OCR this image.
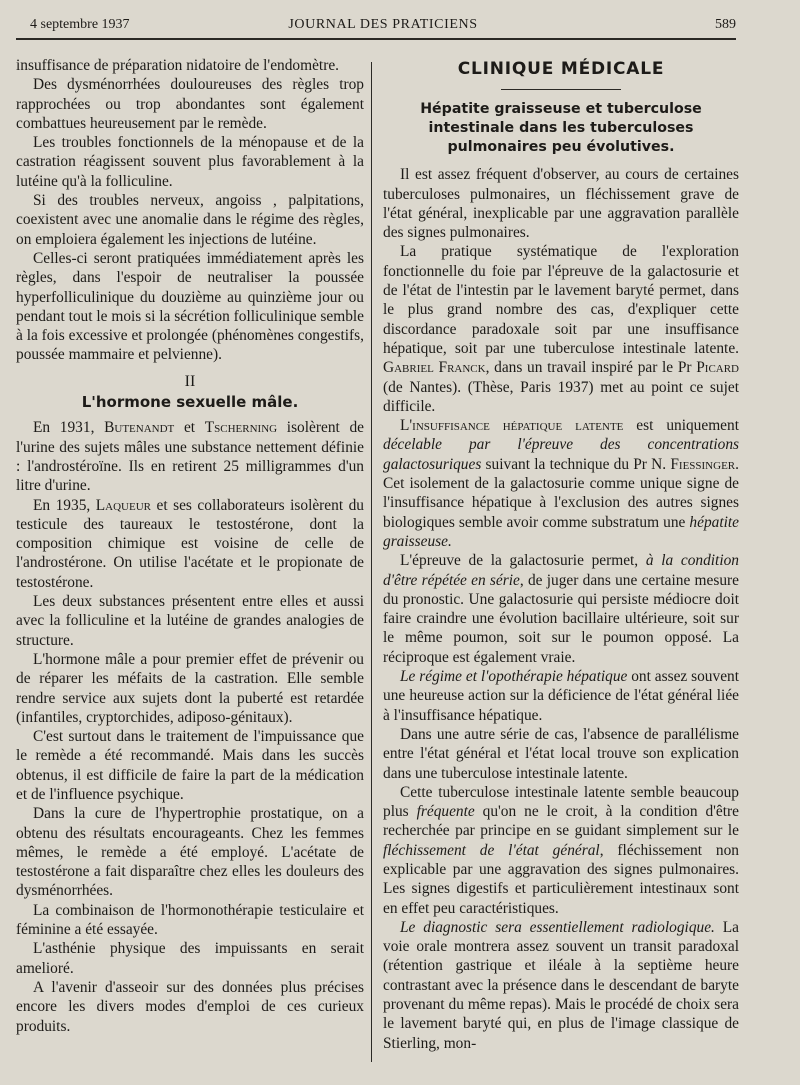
4 septembre 1937	JOURNAL DES PRATICIENS	589

insuffisance de préparation nidatoire de l'endomètre.

Des dysménorrhées douloureuses des règles trop rapprochées ou trop abondantes sont également combattues heureusement par le remède.

Les troubles fonctionnels de la ménopause et de la castration réagissent souvent plus favorablement à la lutéine qu'à la folliculine.

Si des troubles nerveux, angoiss , palpitations, coexistent avec une anomalie dans le régime des règles, on emploiera également les injections de lutéine.

Celles-ci seront pratiquées immédiatement après les règles, dans l'espoir de neutraliser la poussée hyperfolliculinique du douzième au quinzième jour ou pendant tout le mois si la sécrétion folliculinique semble à la fois excessive et prolongée (phénomènes congestifs, poussée mammaire et pelvienne).

II
L'hormone sexuelle mâle.

En 1931, Butenandt et Tscherning isolèrent de l'urine des sujets mâles une substance nettement définie : l'androstéroïne. Ils en retirent 25 milligrammes d'un litre d'urine.

En 1935, Laqueur et ses collaborateurs isolèrent du testicule des taureaux le testostérone, dont la composition chimique est voisine de celle de l'androstérone. On utilise l'acétate et le propionate de testostérone.

Les deux substances présentent entre elles et aussi avec la folliculine et la lutéine de grandes analogies de structure.

L'hormone mâle a pour premier effet de prévenir ou de réparer les méfaits de la castration. Elle semble rendre service aux sujets dont la puberté est retardée (infantiles, cryptorchides, adiposo-génitaux).

C'est surtout dans le traitement de l'impuissance que le remède a été recommandé. Mais dans les succès obtenus, il est difficile de faire la part de la médication et de l'influence psychique.

Dans la cure de l'hypertrophie prostatique, on a obtenu des résultats encourageants. Chez les femmes mêmes, le remède a été employé. L'acétate de testostérone a fait disparaître chez elles les douleurs des dysménorrhées.

La combinaison de l'hormonothérapie testiculaire et féminine a été essayée.

L'asthénie physique des impuissants en serait amelioré.

A l'avenir d'asseoir sur des données plus précises encore les divers modes d'emploi de ces curieux produits.

CLINIQUE MÉDICALE
Hépatite graisseuse et tuberculose intestinale dans les tuberculoses pulmonaires peu évolutives.

Il est assez fréquent d'observer, au cours de certaines tuberculoses pulmonaires, un fléchissement grave de l'état général, inexplicable par une aggravation parallèle des signes pulmonaires.

La pratique systématique de l'exploration fonctionnelle du foie par l'épreuve de la galactosurie et de l'état de l'intestin par le lavement baryté permet, dans le plus grand nombre des cas, d'expliquer cette discordance paradoxale soit par une insuffisance hépatique, soit par une tuberculose intestinale latente. Gabriel Franck, dans un travail inspiré par le Pr Picard (de Nantes). (Thèse, Paris 1937) met au point ce sujet difficile.

L'insuffisance hépatique latente est uniquement décelable par l'épreuve des concentrations galactosuriques suivant la technique du Pr N. Fiessinger. Cet isolement de la galactosurie comme unique signe de l'insuffisance hépatique à l'exclusion des autres signes biologiques semble avoir comme substratum une hépatite graisseuse.

L'épreuve de la galactosurie permet, à la condition d'être répétée en série, de juger dans une certaine mesure du pronostic. Une galactosurie qui persiste médiocre doit faire craindre une évolution bacillaire ultérieure, soit sur le même poumon, soit sur le poumon opposé. La réciproque est également vraie.

Le régime et l'opothérapie hépatique ont assez souvent une heureuse action sur la déficience de l'état général liée à l'insuffisance hépatique.

Dans une autre série de cas, l'absence de parallélisme entre l'état général et l'état local trouve son explication dans une tuberculose intestinale latente.

Cette tuberculose intestinale latente semble beaucoup plus fréquente qu'on ne le croit, à la condition d'être recherchée par principe en se guidant simplement sur le fléchissement de l'état général, fléchissement non explicable par une aggravation des signes pulmonaires. Les signes digestifs et particulièrement intestinaux sont en effet peu caractéristiques.

Le diagnostic sera essentiellement radiologique. La voie orale montrera assez souvent un transit paradoxal (rétention gastrique et iléale à la septième heure contrastant avec la présence dans le descendant de baryte provenant du même repas). Mais le procédé de choix sera le lavement baryté qui, en plus de l'image classique de Stierling, mon-
